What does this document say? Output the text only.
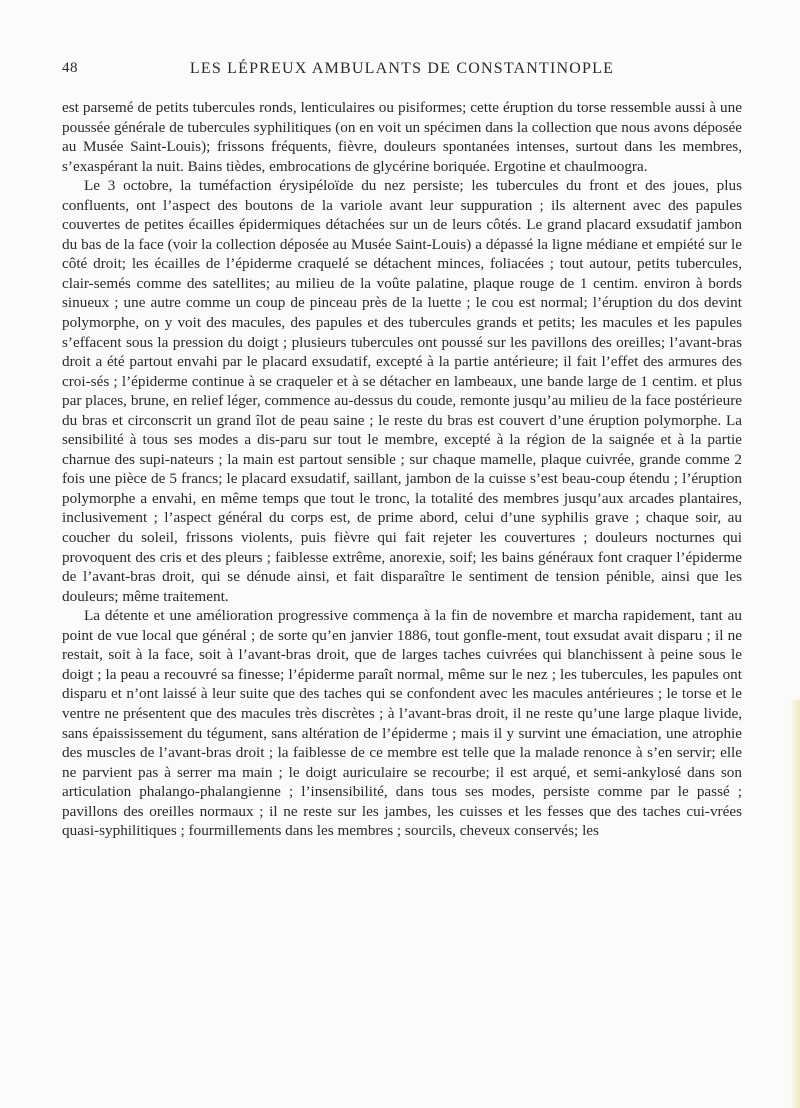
48	LES LÉPREUX AMBULANTS DE CONSTANTINOPLE

est parsemé de petits tubercules ronds, lenticulaires ou pisiformes; cette éruption du torse ressemble aussi à une poussée générale de tubercules syphilitiques (on en voit un spécimen dans la collection que nous avons déposée au Musée Saint-Louis); frissons fréquents, fièvre, douleurs spontanées intenses, surtout dans les membres, s’exaspérant la nuit. Bains tièdes, embrocations de glycérine boriquée. Ergotine et chaulmoogra.

Le 3 octobre, la tuméfaction érysipéloïde du nez persiste; les tubercules du front et des joues, plus confluents, ont l’aspect des boutons de la variole avant leur suppuration ; ils alternent avec des papules couvertes de petites écailles épidermiques détachées sur un de leurs côtés. Le grand placard exsudatif jambon du bas de la face (voir la collection déposée au Musée Saint-Louis) a dépassé la ligne médiane et empiété sur le côté droit; les écailles de l’épiderme craquelé se détachent minces, foliacées ; tout autour, petits tubercules, clair-semés comme des satellites; au milieu de la voûte palatine, plaque rouge de 1 centim. environ à bords sinueux ; une autre comme un coup de pinceau près de la luette ; le cou est normal; l’éruption du dos devint polymorphe, on y voit des macules, des papules et des tubercules grands et petits; les macules et les papules s’effacent sous la pression du doigt ; plusieurs tubercules ont poussé sur les pavillons des oreilles; l’avant-bras droit a été partout envahi par le placard exsudatif, excepté à la partie antérieure; il fait l’effet des armures des croi-sés ; l’épiderme continue à se craqueler et à se détacher en lambeaux, une bande large de 1 centim. et plus par places, brune, en relief léger, commence au-dessus du coude, remonte jusqu’au milieu de la face postérieure du bras et circonscrit un grand îlot de peau saine ; le reste du bras est couvert d’une éruption polymorphe. La sensibilité à tous ses modes a dis-paru sur tout le membre, excepté à la région de la saignée et à la partie charnue des supi-nateurs ; la main est partout sensible ; sur chaque mamelle, plaque cuivrée, grande comme 2 fois une pièce de 5 francs; le placard exsudatif, saillant, jambon de la cuisse s’est beau-coup étendu ; l’éruption polymorphe a envahi, en même temps que tout le tronc, la totalité des membres jusqu’aux arcades plantaires, inclusivement ; l’aspect général du corps est, de prime abord, celui d’une syphilis grave ; chaque soir, au coucher du soleil, frissons violents, puis fièvre qui fait rejeter les couvertures ; douleurs nocturnes qui provoquent des cris et des pleurs ; faiblesse extrême, anorexie, soif; les bains généraux font craquer l’épiderme de l’avant-bras droit, qui se dénude ainsi, et fait disparaître le sentiment de tension pénible, ainsi que les douleurs; même traitement.

La détente et une amélioration progressive commença à la fin de novembre et marcha rapidement, tant au point de vue local que général ; de sorte qu’en janvier 1886, tout gonfle-ment, tout exsudat avait disparu ; il ne restait, soit à la face, soit à l’avant-bras droit, que de larges taches cuivrées qui blanchissent à peine sous le doigt ; la peau a recouvré sa finesse; l’épiderme paraît normal, même sur le nez ; les tubercules, les papules ont disparu et n’ont laissé à leur suite que des taches qui se confondent avec les macules antérieures ; le torse et le ventre ne présentent que des macules très discrètes ; à l’avant-bras droit, il ne reste qu’une large plaque livide, sans épaississement du tégument, sans altération de l’épiderme ; mais il y survint une émaciation, une atrophie des muscles de l’avant-bras droit ; la faiblesse de ce membre est telle que la malade renonce à s’en servir; elle ne parvient pas à serrer ma main ; le doigt auriculaire se recourbe; il est arqué, et semi-ankylosé dans son articulation phalango-phalangienne ; l’insensibilité, dans tous ses modes, persiste comme par le passé ; pavillons des oreilles normaux ; il ne reste sur les jambes, les cuisses et les fesses que des taches cui-vrées quasi-syphilitiques ; fourmillements dans les membres ; sourcils, cheveux conservés; les
